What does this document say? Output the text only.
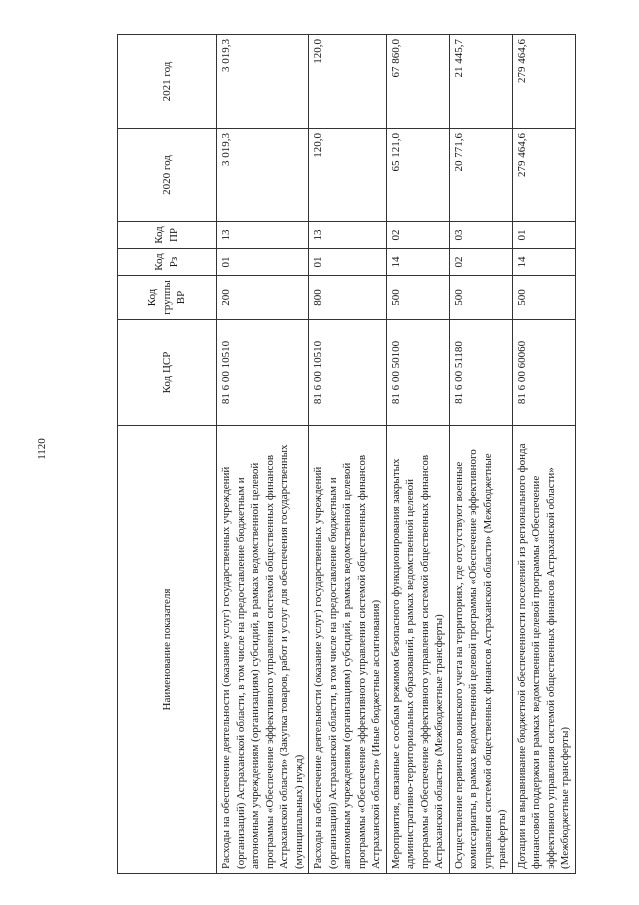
1120
Наименование показателя	Код ЦСР	Код группы ВР	Код Рз	Код ПР	2020 год	2021 год
Расходы на обеспечение деятельности (оказание услуг) государственных учреждений (организаций) Астраханской области, в том числе на предоставление бюджетным и автономным учреждениям (организациям) субсидий, в рамках ведомственной целевой программы «Обеспечение эффективного управления системой общественных финансов Астраханской области» (Закупка товаров, работ и услуг для обеспечения государственных (муниципальных) нужд)	81 6 00 10510	200	01	13	3 019,3	3 019,3
Расходы на обеспечение деятельности (оказание услуг) государственных учреждений (организаций) Астраханской области, в том числе на предоставление бюджетным и автономным учреждениям (организациям) субсидий, в рамках ведомственной целевой программы «Обеспечение эффективного управления системой общественных финансов Астраханской области» (Иные бюджетные ассигнования)	81 6 00 10510	800	01	13	120,0	120,0
Мероприятия, связанные с особым режимом безопасного функционирования закрытых административно-территориальных образований, в рамках ведомственной целевой программы «Обеспечение эффективного управления системой общественных финансов Астраханской области» (Межбюджетные трансферты)	81 6 00 50100	500	14	02	65 121,0	67 860,0
Осуществление первичного воинского учета на территориях, где отсутствуют военные комиссариаты, в рамках ведомственной целевой программы «Обеспечение эффективного управления системой общественных финансов Астраханской области» (Межбюджетные трансферты)	81 6 00 51180	500	02	03	20 771,6	21 445,7
Дотации на выравнивание бюджетной обеспеченности поселений из регионального фонда финансовой поддержки в рамках ведомственной целевой программы «Обеспечение эффективного управления системой общественных финансов Астраханской области» (Межбюджетные трансферты)	81 6 00 60060	500	14	01	279 464,6	279 464,6
